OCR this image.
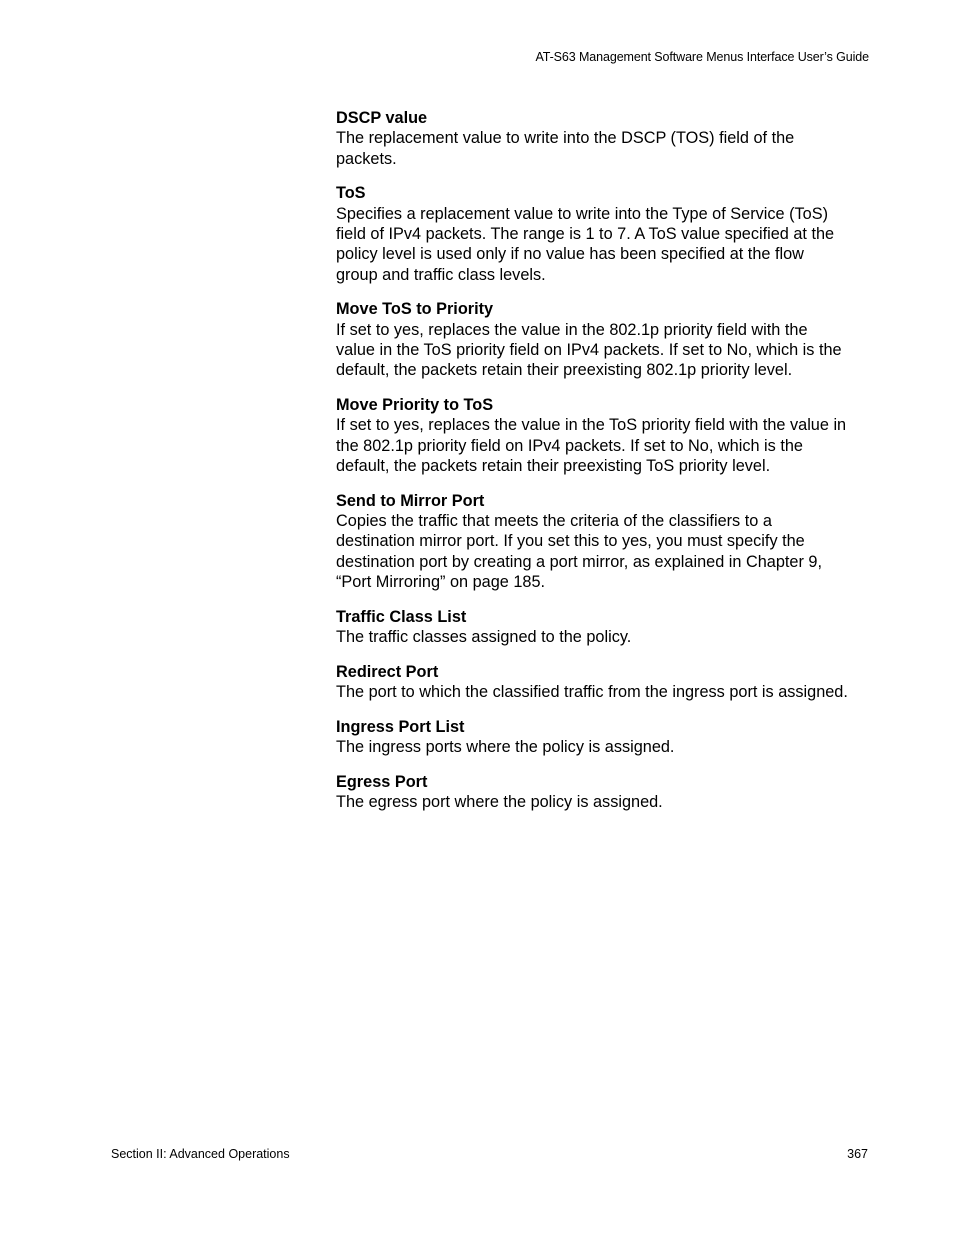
AT-S63 Management Software Menus Interface User’s Guide
DSCP value
The replacement value to write into the DSCP (TOS) field of the
packets.
ToS
Specifies a replacement value to write into the Type of Service (ToS)
field of IPv4 packets. The range is 1 to 7. A ToS value specified at the
policy level is used only if no value has been specified at the flow
group and traffic class levels.
Move ToS to Priority
If set to yes, replaces the value in the 802.1p priority field with the
value in the ToS priority field on IPv4 packets. If set to No, which is the
default, the packets retain their preexisting 802.1p priority level.
Move Priority to ToS
If set to yes, replaces the value in the ToS priority field with the value in
the 802.1p priority field on IPv4 packets. If set to No, which is the
default, the packets retain their preexisting ToS priority level.
Send to Mirror Port
Copies the traffic that meets the criteria of the classifiers to a
destination mirror port. If you set this to yes, you must specify the
destination port by creating a port mirror, as explained in Chapter 9,
“Port Mirroring” on page 185.
Traffic Class List
The traffic classes assigned to the policy.
Redirect Port
The port to which the classified traffic from the ingress port is assigned.
Ingress Port List
The ingress ports where the policy is assigned.
Egress Port
The egress port where the policy is assigned.
Section II: Advanced Operations	367
